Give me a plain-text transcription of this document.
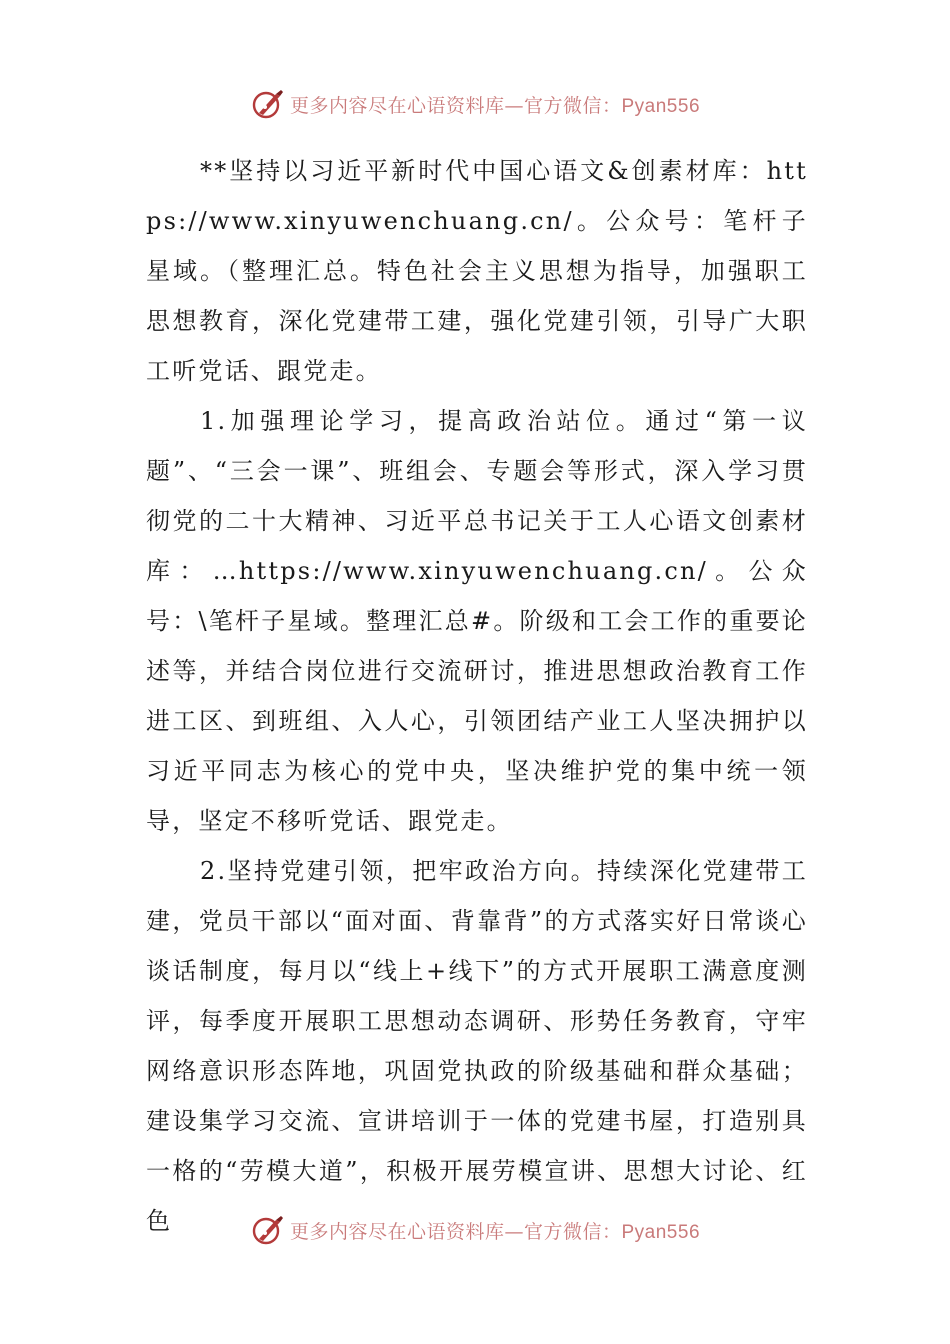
更多内容尽在心语资料库—官方微信：Pyan556

**坚持以习近平新时代中国心语文&创素材库：https://www.xinyuwenchuang.cn/。公众号：笔杆子星域。（整理汇总。特色社会主义思想为指导，加强职工思想教育，深化党建带工建，强化党建引领，引导广大职工听党话、跟党走。

1.加强理论学习，提高政治站位。通过“第一议题”、“三会一课”、班组会、专题会等形式，深入学习贯彻党的二十大精神、习近平总书记关于工人心语文创素材库：…https://www.xinyuwenchuang.cn/。公众号：\笔杆子星域。整理汇总#。阶级和工会工作的重要论述等，并结合岗位进行交流研讨，推进思想政治教育工作进工区、到班组、入人心，引领团结产业工人坚决拥护以习近平同志为核心的党中央，坚决维护党的集中统一领导，坚定不移听党话、跟党走。

2.坚持党建引领，把牢政治方向。持续深化党建带工建，党员干部以“面对面、背靠背”的方式落实好日常谈心谈话制度，每月以“线上+线下”的方式开展职工满意度测评，每季度开展职工思想动态调研、形势任务教育，守牢网络意识形态阵地，巩固党执政的阶级基础和群众基础；建设集学习交流、宣讲培训于一体的党建书屋，打造别具一格的“劳模大道”，积极开展劳模宣讲、思想大讨论、红色	更多内容尽在心语资料库—官方微信：Pyan556
